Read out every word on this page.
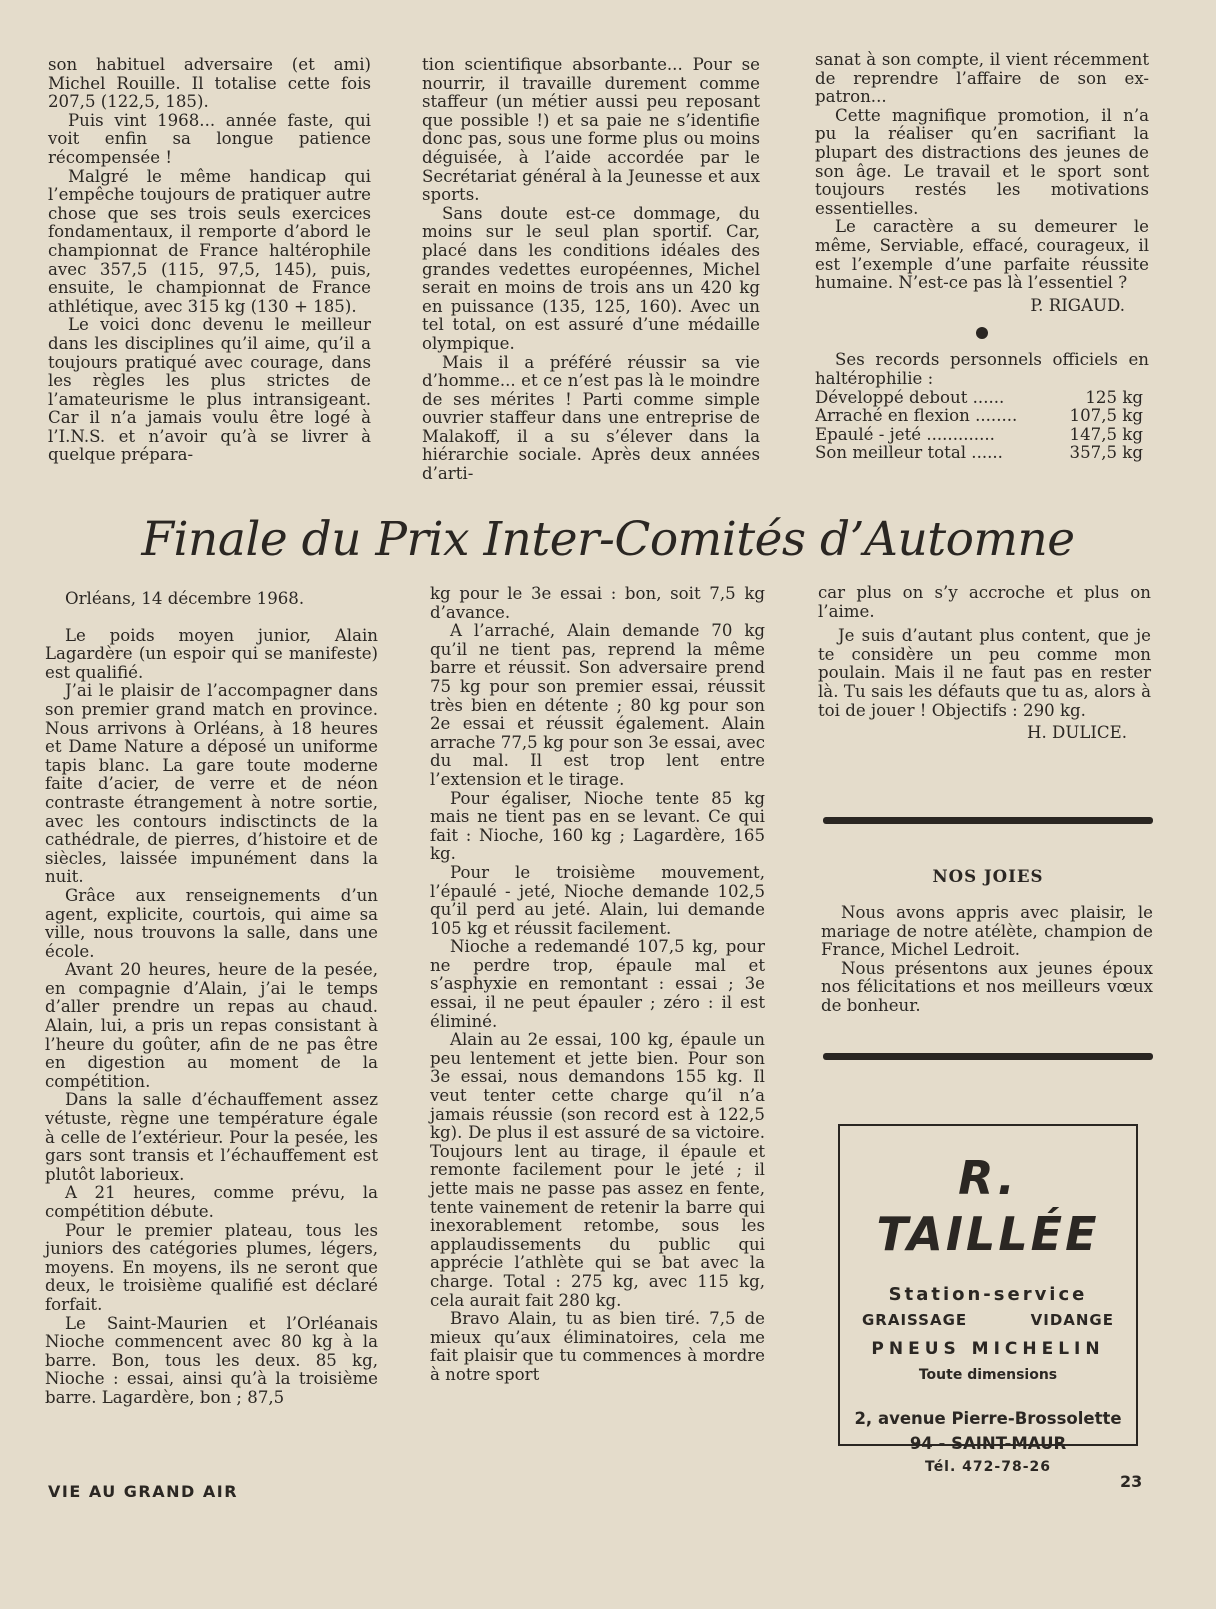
son habituel adversaire (et ami) Michel Rouille. Il totalise cette fois 207,5 (122,5, 185).

Puis vint 1968... année faste, qui voit enfin sa longue patience récompensée !

Malgré le même handicap qui l’empêche toujours de pratiquer autre chose que ses trois seuls exercices fondamentaux, il remporte d’abord le championnat de France haltérophile avec 357,5 (115, 97,5, 145), puis, ensuite, le championnat de France athlétique, avec 315 kg (130 + 185).

Le voici donc devenu le meilleur dans les disciplines qu’il aime, qu’il a toujours pratiqué avec courage, dans les règles les plus strictes de l’amateurisme le plus intransigeant. Car il n’a jamais voulu être logé à l’I.N.S. et n’avoir qu’à se livrer à quelque prépara-

tion scientifique absorbante... Pour se nourrir, il travaille durement comme staffeur (un métier aussi peu reposant que possible !) et sa paie ne s’identifie donc pas, sous une forme plus ou moins déguisée, à l’aide accordée par le Secrétariat général à la Jeunesse et aux sports.

Sans doute est-ce dommage, du moins sur le seul plan sportif. Car, placé dans les conditions idéales des grandes vedettes européennes, Michel serait en moins de trois ans un 420 kg en puissance (135, 125, 160). Avec un tel total, on est assuré d’une médaille olympique.

Mais il a préféré réussir sa vie d’homme... et ce n’est pas là le moindre de ses mérites ! Parti comme simple ouvrier staffeur dans une entreprise de Malakoff, il a su s’élever dans la hiérarchie sociale. Après deux années d’arti-

sanat à son compte, il vient récemment de reprendre l’affaire de son ex-patron...

Cette magnifique promotion, il n’a pu la réaliser qu’en sacrifiant la plupart des distractions des jeunes de son âge. Le travail et le sport sont toujours restés les motivations essentielles.

Le caractère a su demeurer le même, Serviable, effacé, courageux, il est l’exemple d’une parfaite réussite humaine. N’est-ce pas là l’essentiel ?

P. RIGAUD.

Ses records personnels officiels en haltérophilie :

Développé debout ......	125 kg
Arraché en flexion ........	107,5 kg
Epaulé - jeté .............	147,5 kg
Son meilleur total ......	357,5 kg
Finale du Prix Inter-Comités d’Automne

Orléans, 14 décembre 1968.

Le poids moyen junior, Alain Lagardère (un espoir qui se manifeste) est qualifié.

J’ai le plaisir de l’accompagner dans son premier grand match en province. Nous arrivons à Orléans, à 18 heures et Dame Nature a déposé un uniforme tapis blanc. La gare toute moderne faite d’acier, de verre et de néon contraste étrangement à notre sortie, avec les contours indisctincts de la cathédrale, de pierres, d’histoire et de siècles, laissée impunément dans la nuit.

Grâce aux renseignements d’un agent, explicite, courtois, qui aime sa ville, nous trouvons la salle, dans une école.

Avant 20 heures, heure de la pesée, en compagnie d’Alain, j’ai le temps d’aller prendre un repas au chaud. Alain, lui, a pris un repas consistant à l’heure du goûter, afin de ne pas être en digestion au moment de la compétition.

Dans la salle d’échauffement assez vétuste, règne une température égale à celle de l’extérieur. Pour la pesée, les gars sont transis et l’échauffement est plutôt laborieux.

A 21 heures, comme prévu, la compétition débute.

Pour le premier plateau, tous les juniors des catégories plumes, légers, moyens. En moyens, ils ne seront que deux, le troisième qualifié est déclaré forfait.

Le Saint-Maurien et l’Orléanais Nioche commencent avec 80 kg à la barre. Bon, tous les deux. 85 kg, Nioche : essai, ainsi qu’à la troisième barre. Lagardère, bon ; 87,5

kg pour le 3e essai : bon, soit 7,5 kg d’avance.

A l’arraché, Alain demande 70 kg qu’il ne tient pas, reprend la même barre et réussit. Son adversaire prend 75 kg pour son premier essai, réussit très bien en détente ; 80 kg pour son 2e essai et réussit également. Alain arrache 77,5 kg pour son 3e essai, avec du mal. Il est trop lent entre l’extension et le tirage.

Pour égaliser, Nioche tente 85 kg mais ne tient pas en se levant. Ce qui fait : Nioche, 160 kg ; Lagardère, 165 kg.

Pour le troisième mouvement, l’épaulé - jeté, Nioche demande 102,5 qu’il perd au jeté. Alain, lui demande 105 kg et réussit facilement.

Nioche a redemandé 107,5 kg, pour ne perdre trop, épaule mal et s’asphyxie en remontant : essai ; 3e essai, il ne peut épauler ; zéro : il est éliminé.

Alain au 2e essai, 100 kg, épaule un peu lentement et jette bien. Pour son 3e essai, nous demandons 155 kg. Il veut tenter cette charge qu’il n’a jamais réussie (son record est à 122,5 kg). De plus il est assuré de sa victoire. Toujours lent au tirage, il épaule et remonte facilement pour le jeté ; il jette mais ne passe pas assez en fente, tente vainement de retenir la barre qui inexorablement retombe, sous les applaudissements du public qui apprécie l’athlète qui se bat avec la charge. Total : 275 kg, avec 115 kg, cela aurait fait 280 kg.

Bravo Alain, tu as bien tiré. 7,5 de mieux qu’aux éliminatoires, cela me fait plaisir que tu commences à mordre à notre sport

car plus on s’y accroche et plus on l’aime.

Je suis d’autant plus content, que je te considère un peu comme mon poulain. Mais il ne faut pas en rester là. Tu sais les défauts que tu as, alors à toi de jouer ! Objectifs : 290 kg.

H. DULICE.

NOS JOIES

Nous avons appris avec plaisir, le mariage de notre atélète, champion de France, Michel Ledroit.

Nous présentons aux jeunes époux nos félicitations et nos meilleurs vœux de bonheur.

R. TAILLÉE
Station-service
GRAISSAGE	VIDANGE
PNEUS MICHELIN
Toute dimensions
2, avenue Pierre-Brossolette
94 - SAINT-MAUR
Tél. 472-78-26
VIE AU GRAND AIR
23
